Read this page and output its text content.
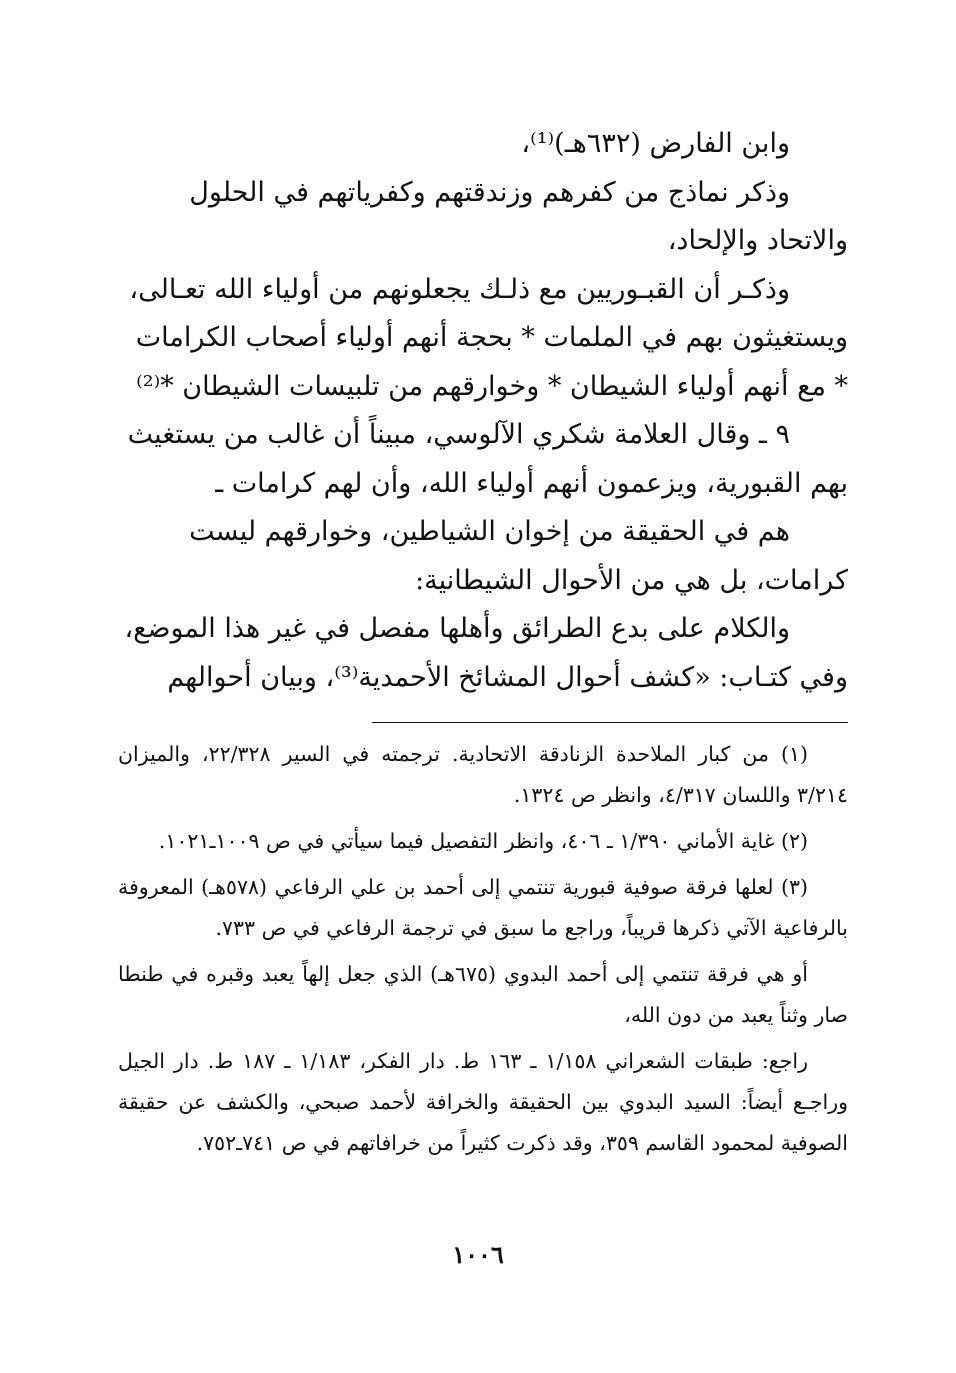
وابن الفارض (٦٣٢هـ)⁽¹⁾،

وذكر نماذج من كفرهم وزندقتهم وكفرياتهم في الحلول والاتحاد والإلحاد،

وذكـر أن القبـوريين مع ذلـك يجعلونهم من أولياء الله تعـالى، ويستغيثون بهم في الملمات * بحجة أنهم أولياء أصحاب الكرامات * مع أنهم أولياء الشيطان * وخوارقهم من تلبيسات الشيطان *⁽²⁾

٩ ـ وقال العلامة شكري الآلوسي، مبيناً أن غالب من يستغيث بهم القبورية، ويزعمون أنهم أولياء الله، وأن لهم كرامات ـ

هم في الحقيقة من إخوان الشياطين، وخوارقهم ليست كرامات، بل هي من الأحوال الشيطانية:

والكلام على بدع الطرائق وأهلها مفصل في غير هذا الموضع، وفي كتـاب: «كشف أحوال المشائخ الأحمدية⁽³⁾، وبيان أحوالهم

(١) من كبار الملاحدة الزنادقة الاتحادية. ترجمته في السير ٢٢/٣٢٨، والميزان ٣/٢١٤ واللسان ٤/٣١٧، وانظر ص ١٣٢٤.

(٢) غاية الأماني ١/٣٩٠ ـ ٤٠٦، وانظر التفصيل فيما سيأتي في ص ١٠٠٩ـ١٠٢١.

(٣) لعلها فرقة صوفية قبورية تنتمي إلى أحمد بن علي الرفاعي (٥٧٨هـ) المعروفة بالرفاعية الآتي ذكرها قريباً، وراجع ما سبق في ترجمة الرفاعي في ص ٧٣٣.

أو هي فرقة تنتمي إلى أحمد البدوي (٦٧٥هـ) الذي جعل إلهاً يعبد وقبره في طنطا صار وثناً يعبد من دون الله،

راجع: طبقات الشعراني ١/١٥٨ ـ ١٦٣ ط. دار الفكر، ١/١٨٣ ـ ١٨٧ ط. دار الجيل وراجـع أيضاً: السيد البدوي بين الحقيقة والخرافة لأحمد صبحي، والكشف عن حقيقة الصوفية لمحمود القاسم ٣٥٩، وقد ذكرت كثيراً من خرافاتهم في ص ٧٤١ـ٧٥٢.

١٠٠٦
